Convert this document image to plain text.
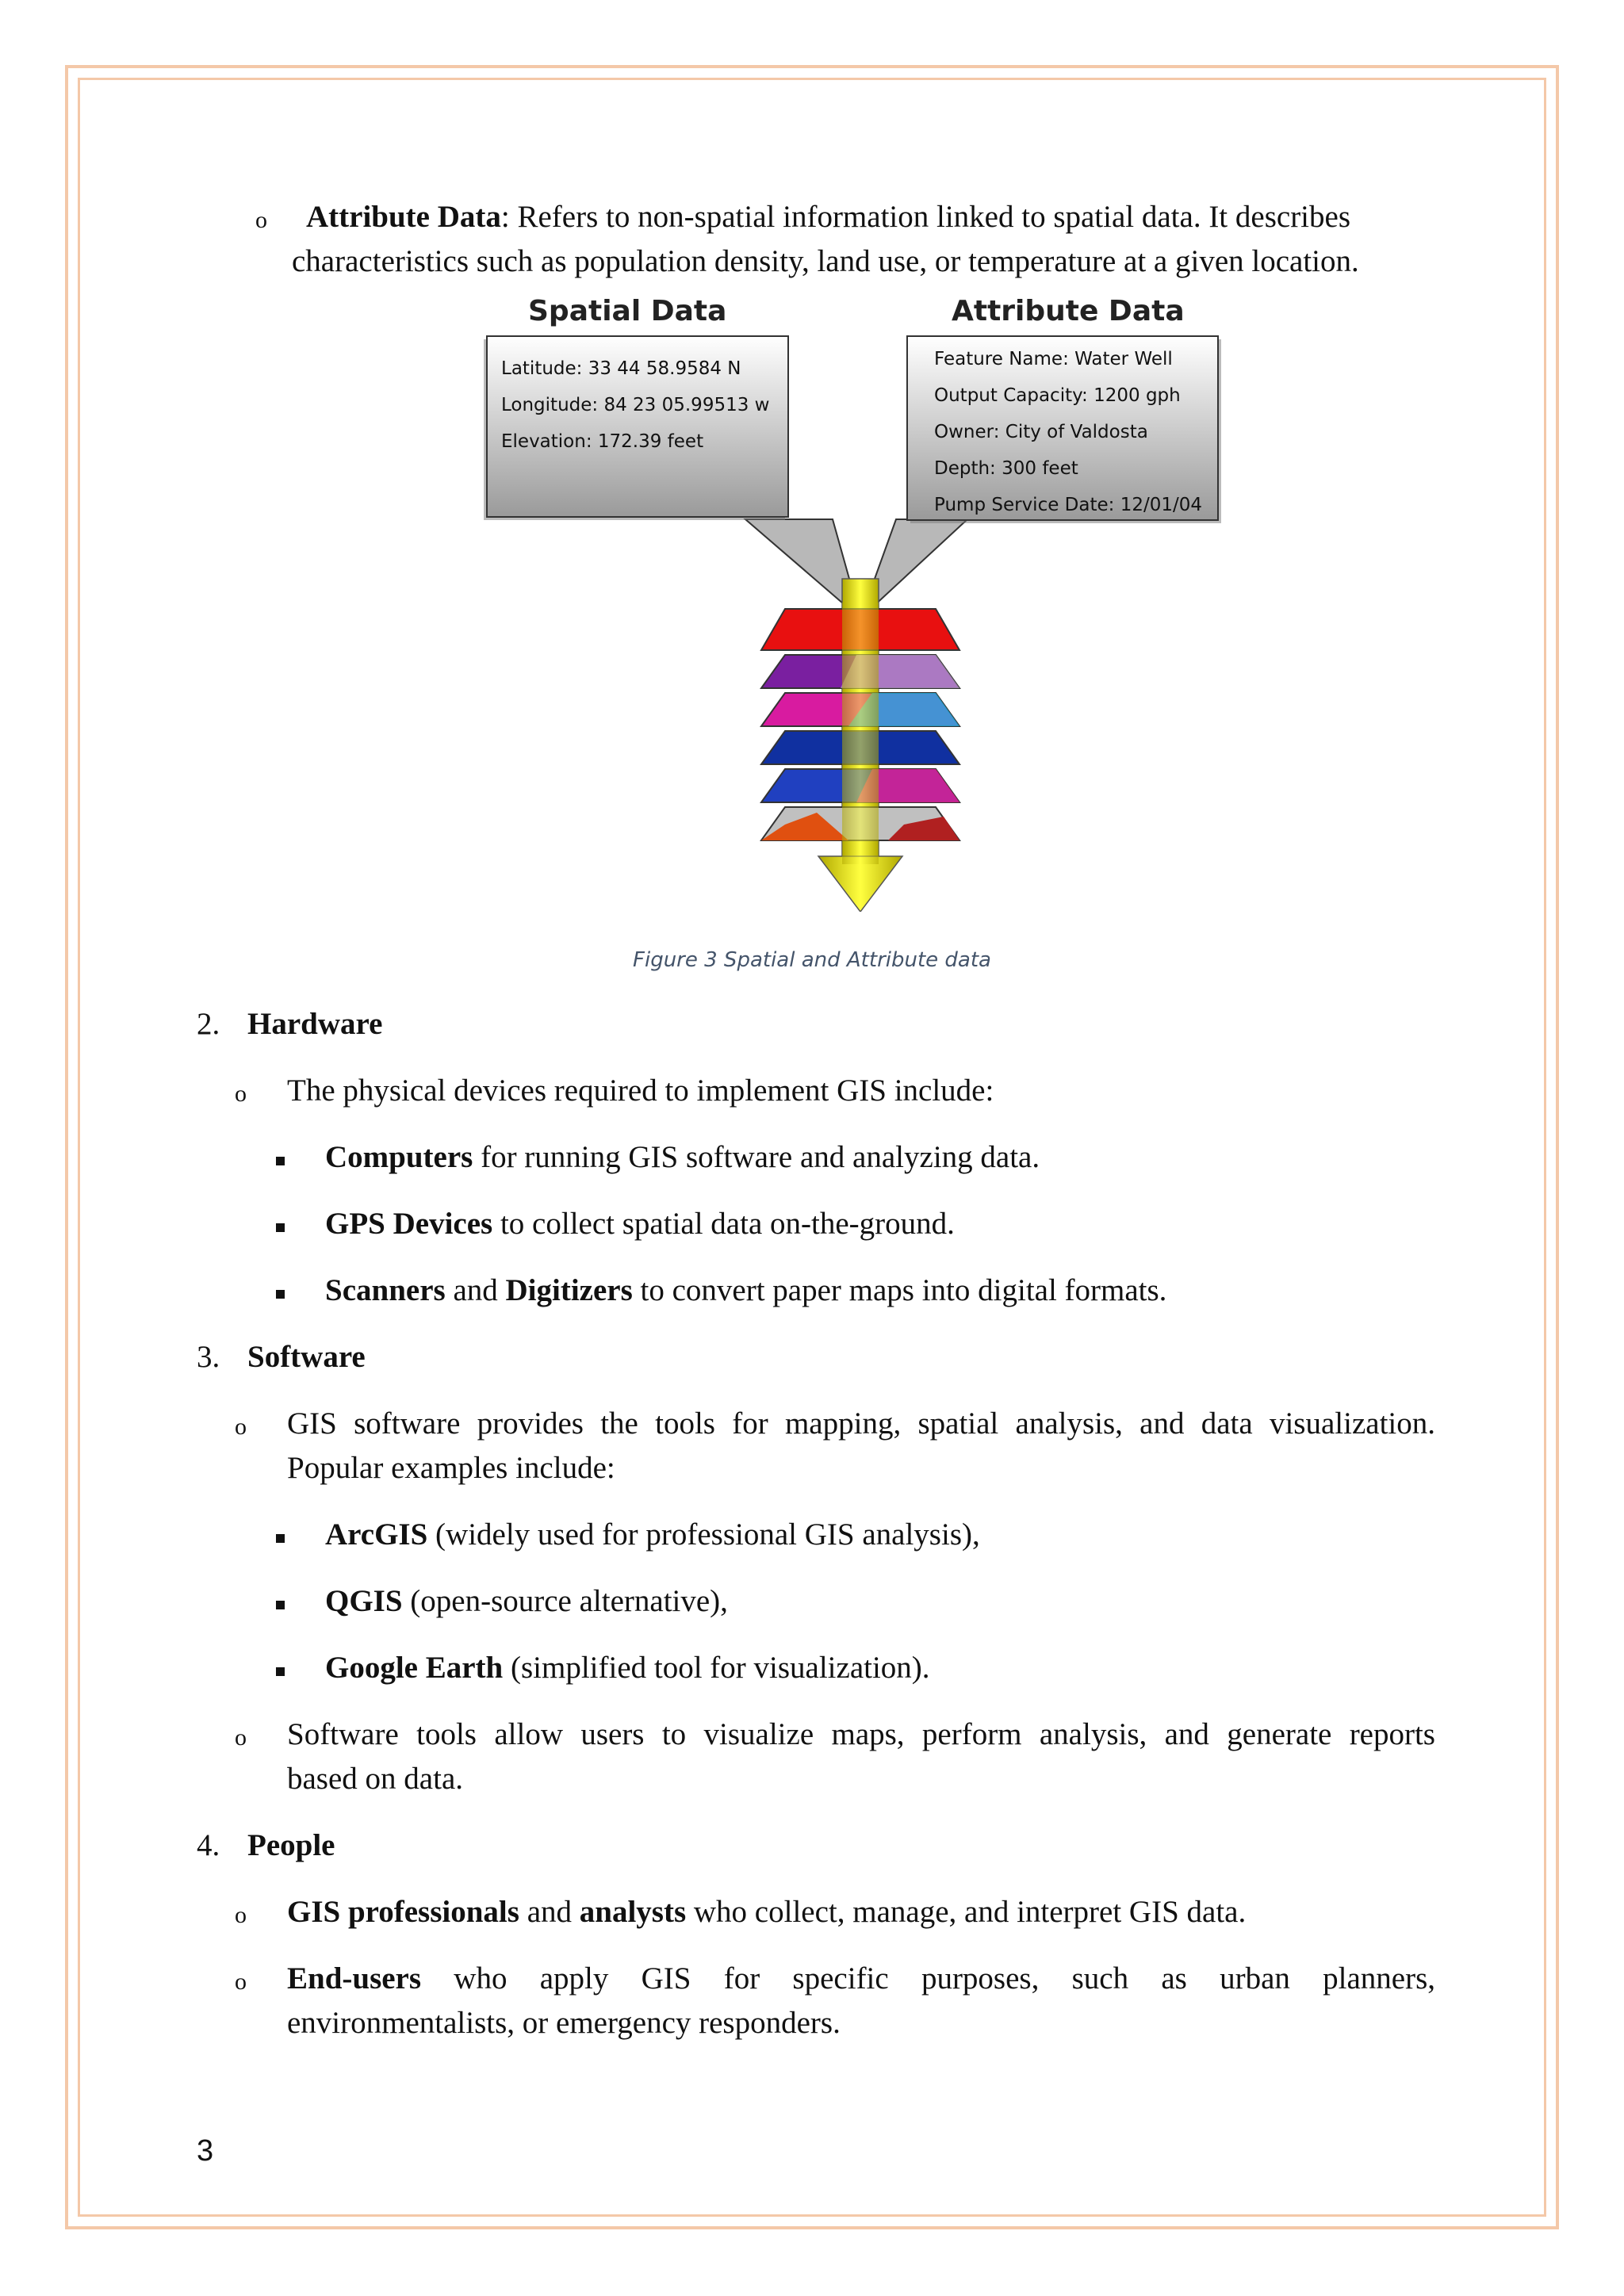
o Attribute Data: Refers to non-spatial information linked to spatial data. It describes
characteristics such as population density, land use, or temperature at a given location.
Spatial Data
Latitude: 33 44 58.9584 N
Longitude: 84 23 05.99513 w
Elevation: 172.39 feet
Attribute Data
Feature Name: Water Well
Output Capacity: 1200 gph
Owner: City of Valdosta
Depth: 300 feet
Pump Service Date: 12/01/04
Figure 3 Spatial and Attribute data
2. Hardware
o The physical devices required to implement GIS include:
Computers for running GIS software and analyzing data.
GPS Devices to collect spatial data on-the-ground.
Scanners and Digitizers to convert paper maps into digital formats.
3. Software
o GIS software provides the tools for mapping, spatial analysis, and data visualization.
Popular examples include:
ArcGIS (widely used for professional GIS analysis),
QGIS (open-source alternative),
Google Earth (simplified tool for visualization).
o Software tools allow users to visualize maps, perform analysis, and generate reports
based on data.
4. People
o GIS professionals and analysts who collect, manage, and interpret GIS data.
o End-users who apply GIS for specific purposes, such as urban planners,
environmentalists, or emergency responders.
3
